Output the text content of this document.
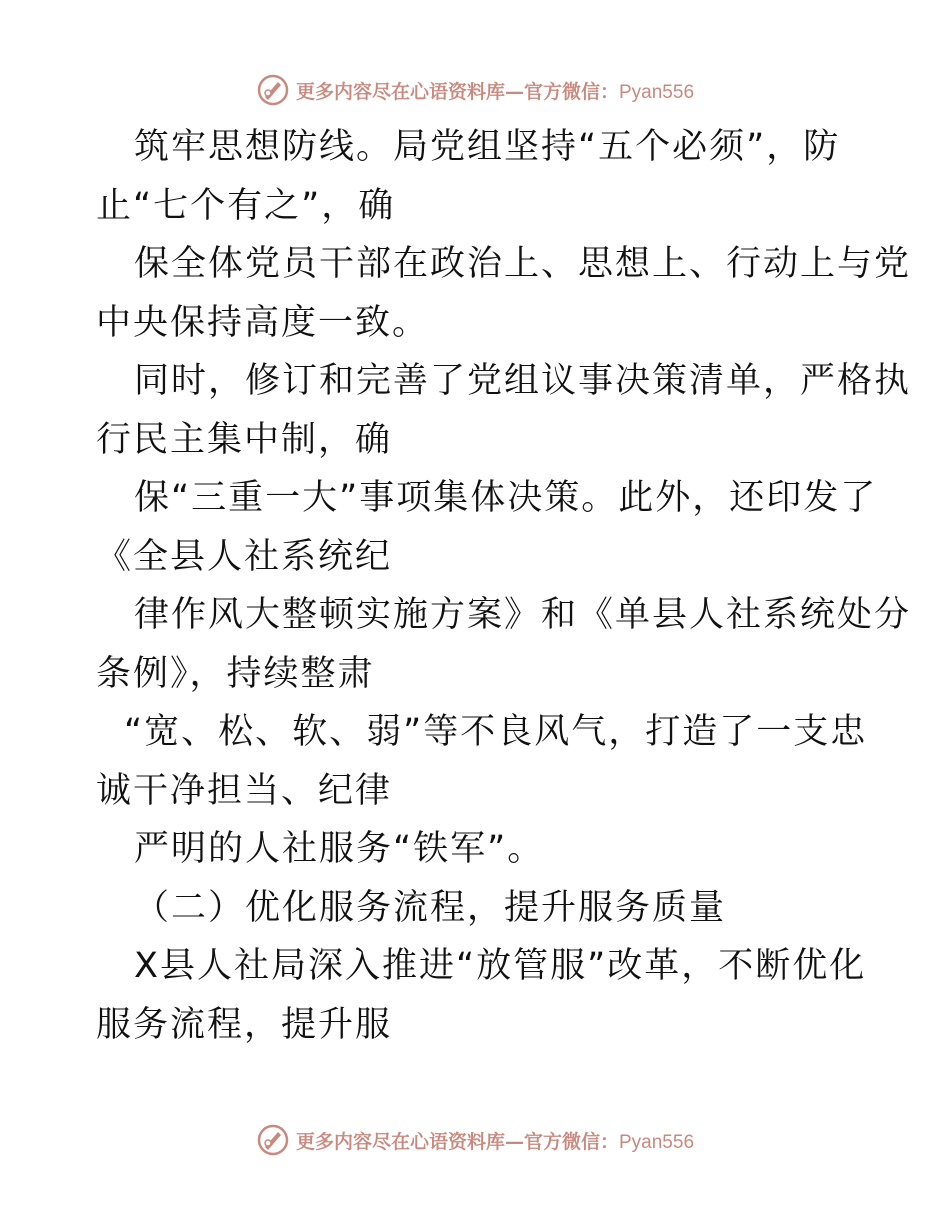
更多内容尽在心语资料库—官方微信：Pyan556
筑牢思想防线。局党组坚持“五个必须”，防
止“七个有之”，确
保全体党员干部在政治上、思想上、行动上与党
中央保持高度一致。
同时，修订和完善了党组议事决策清单，严格执
行民主集中制，确
保“三重一大”事项集体决策。此外，还印发了
《全县人社系统纪
律作风大整顿实施方案》和《单县人社系统处分
条例》，持续整肃
“宽、松、软、弱”等不良风气，打造了一支忠
诚干净担当、纪律
严明的人社服务“铁军”。
（二）优化服务流程，提升服务质量
X县人社局深入推进“放管服”改革，不断优化
服务流程，提升服
更多内容尽在心语资料库—官方微信：Pyan556
